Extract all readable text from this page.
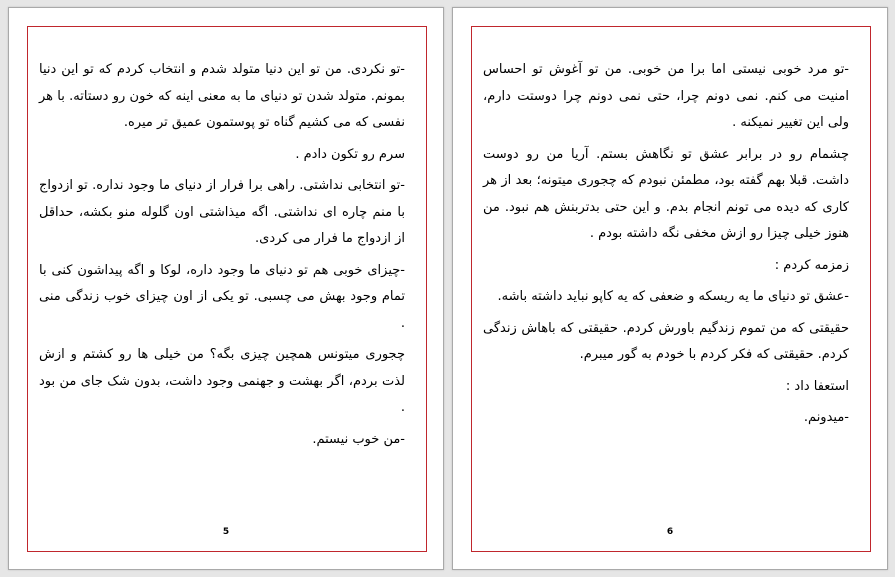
-تو نکردی. من تو این دنیا متولد شدم و انتخاب کردم که تو این دنیا بمونم. متولد شدن تو دنیای ما به معنی اینه که خون رو دستاته. با هر نفسی که می کشیم گناه تو پوستمون عمیق تر میره.

سرم رو تکون دادم .

-تو انتخابی نداشتی. راهی برا فرار از دنیای ما وجود نداره. تو ازدواج با منم چاره ای نداشتی. اگه میذاشتی اون گلوله منو بکشه، حداقل از ازدواج ما فرار می کردی.

-چیزای خوبی هم تو دنیای ما وجود داره، لوکا و اگه پیداشون کنی با تمام وجود بهش می چسبی. تو یکی از اون چیزای خوب زندگی منی .

چجوری میتونس همچین چیزی بگه؟ من خیلی ها رو کشتم و ازش لذت بردم، اگر بهشت و جهنمی وجود داشت، بدون شک جای من بود .

-من خوب نیستم.

5

-تو مرد خوبی نیستی اما برا من خوبی. من تو آغوش تو احساس امنیت می کنم. نمی دونم چرا، حتی نمی دونم چرا دوستت دارم، ولی این تغییر نمیکنه .

چشمام رو در برابر عشق تو نگاهش بستم. آریا من رو دوست داشت. قبلا بهم گفته بود، مطمئن نبودم که چجوری میتونه؛ بعد از هر کاری که دیده می تونم انجام بدم. و این حتی بدتربنش هم نبود. من هنوز خیلی چیزا رو ازش مخفی نگه داشته بودم .

زمزمه کردم :

-عشق تو دنیای ما یه ریسکه و ضعفی که یه کاپو نباید داشته باشه.

حقیقتی که من تموم زندگیم باورش کردم. حقیقتی که باهاش زندگی کردم. حقیقتی که فکر کردم با خودم به گور میبرم.

استعفا داد :

-میدونم.

6
